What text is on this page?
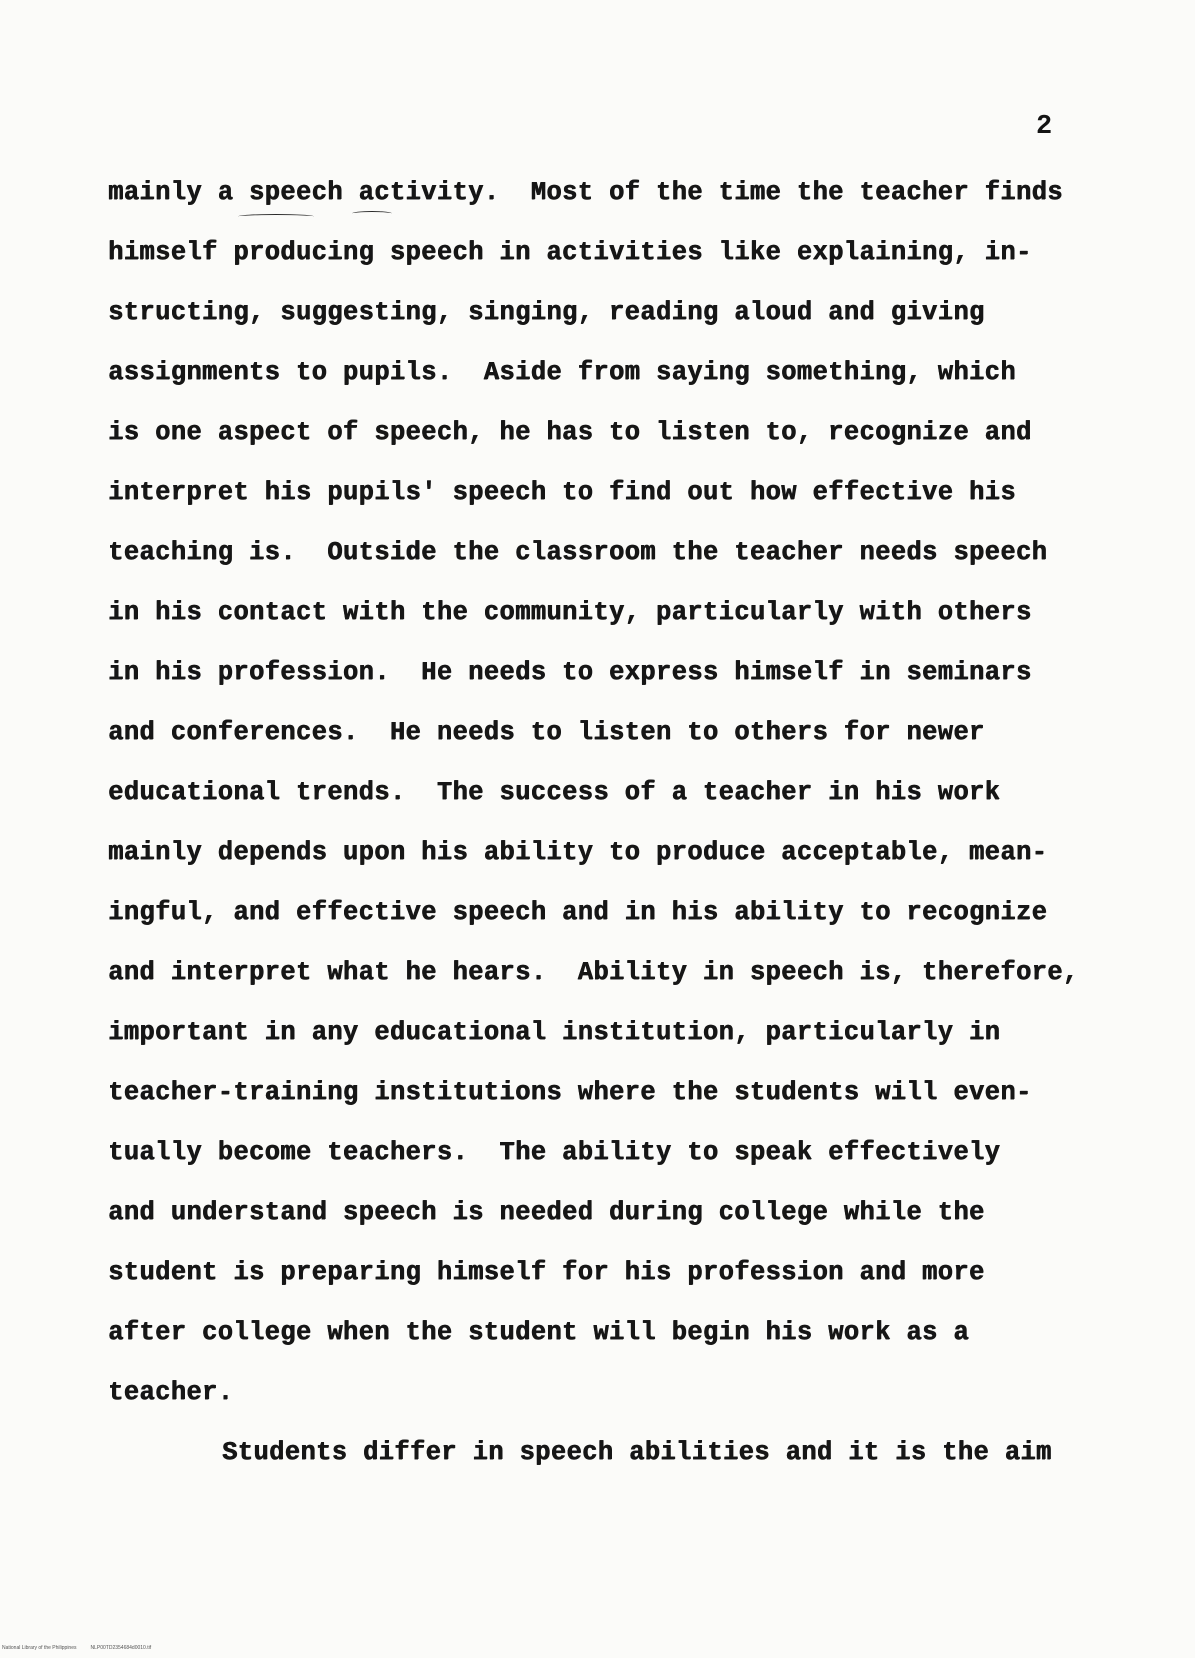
2
mainly a speech activity.  Most of the time the teacher finds
himself producing speech in activities like explaining, in-
structing, suggesting, singing, reading aloud and giving
assignments to pupils.  Aside from saying something, which
is one aspect of speech, he has to listen to, recognize and
interpret his pupils' speech to find out how effective his
teaching is.  Outside the classroom the teacher needs speech
in his contact with the community, particularly with others
in his profession.  He needs to express himself in seminars
and conferences.  He needs to listen to others for newer
educational trends.  The success of a teacher in his work
mainly depends upon his ability to produce acceptable, mean-
ingful, and effective speech and in his ability to recognize
and interpret what he hears.  Ability in speech is, therefore,
important in any educational institution, particularly in
teacher-training institutions where the students will even-
tually become teachers.  The ability to speak effectively
and understand speech is needed during college while the
student is preparing himself for his profession and more
after college when the student will begin his work as a
teacher.
Students differ in speech abilities and it is the aim
National Library of the Philippines	NLP00TD2354684d0010.tif
